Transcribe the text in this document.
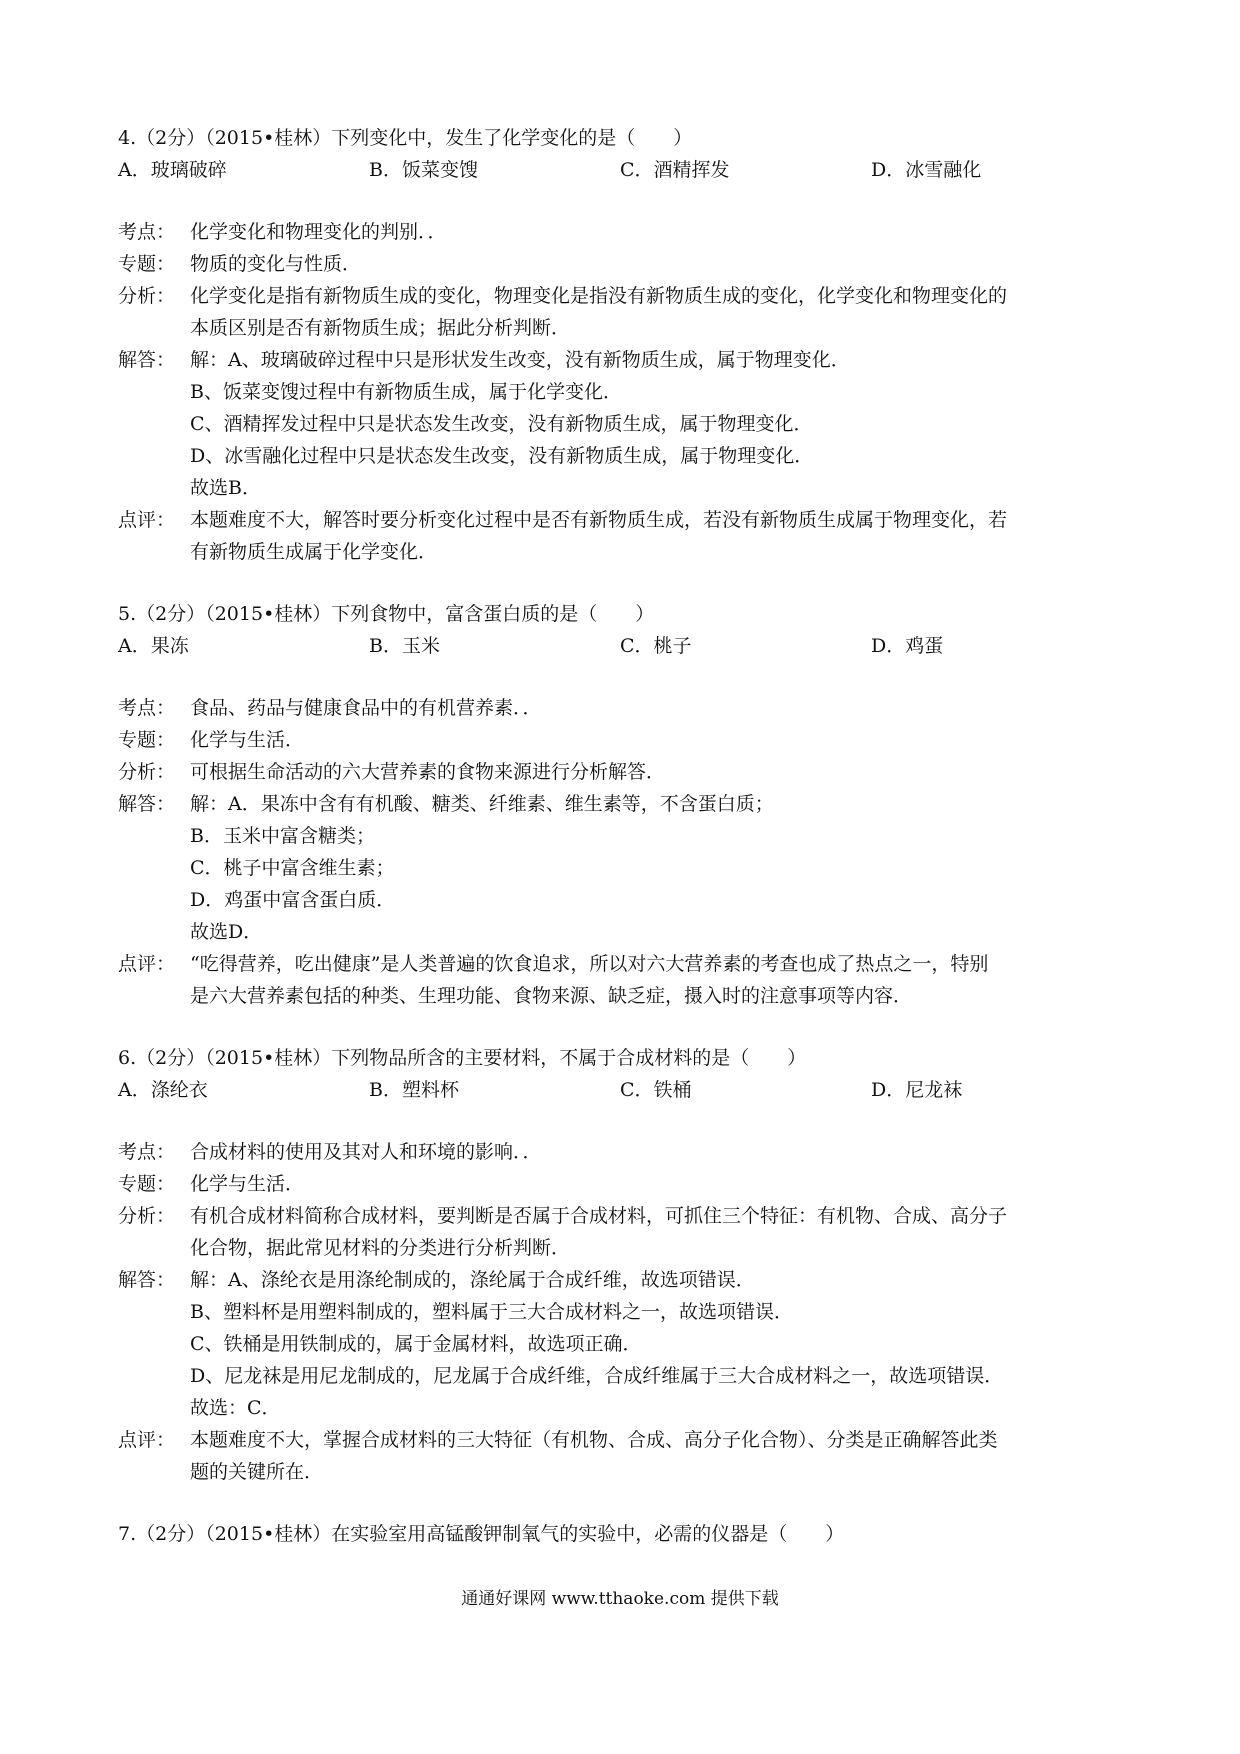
4.（2分）（2015•桂林）下列变化中，发生了化学变化的是（　　）
A．玻璃破碎	B．饭菜变馊	C．酒精挥发	D．冰雪融化
考点： 化学变化和物理变化的判别．．
专题： 物质的变化与性质．
分析： 化学变化是指有新物质生成的变化，物理变化是指没有新物质生成的变化，化学变化和物理变化的
本质区别是否有新物质生成；据此分析判断．
解答： 解：A、玻璃破碎过程中只是形状发生改变，没有新物质生成，属于物理变化．
B、饭菜变馊过程中有新物质生成，属于化学变化．
C、酒精挥发过程中只是状态发生改变，没有新物质生成，属于物理变化．
D、冰雪融化过程中只是状态发生改变，没有新物质生成，属于物理变化．
故选B．
点评： 本题难度不大，解答时要分析变化过程中是否有新物质生成，若没有新物质生成属于物理变化，若
有新物质生成属于化学变化．
5.（2分）（2015•桂林）下列食物中，富含蛋白质的是（　　）
A．果冻	B．玉米	C．桃子	D．鸡蛋
考点： 食品、药品与健康食品中的有机营养素．．
专题： 化学与生活．
分析： 可根据生命活动的六大营养素的食物来源进行分析解答．
解答： 解：A．果冻中含有有机酸、糖类、纤维素、维生素等，不含蛋白质；
B．玉米中富含糖类；
C．桃子中富含维生素；
D．鸡蛋中富含蛋白质．
故选D．
点评： “吃得营养，吃出健康”是人类普遍的饮食追求，所以对六大营养素的考查也成了热点之一，特别
是六大营养素包括的种类、生理功能、食物来源、缺乏症，摄入时的注意事项等内容．
6.（2分）（2015•桂林）下列物品所含的主要材料，不属于合成材料的是（　　）
A．涤纶衣	B．塑料杯	C．铁桶	D．尼龙袜
考点： 合成材料的使用及其对人和环境的影响．．
专题： 化学与生活．
分析： 有机合成材料简称合成材料，要判断是否属于合成材料，可抓住三个特征：有机物、合成、高分子
化合物，据此常见材料的分类进行分析判断．
解答： 解：A、涤纶衣是用涤纶制成的，涤纶属于合成纤维，故选项错误．
B、塑料杯是用塑料制成的，塑料属于三大合成材料之一，故选项错误．
C、铁桶是用铁制成的，属于金属材料，故选项正确．
D、尼龙袜是用尼龙制成的，尼龙属于合成纤维，合成纤维属于三大合成材料之一，故选项错误．
故选：C．
点评： 本题难度不大，掌握合成材料的三大特征（有机物、合成、高分子化合物）、分类是正确解答此类
题的关键所在．
7.（2分）（2015•桂林）在实验室用高锰酸钾制氧气的实验中，必需的仪器是（　　）
通通好课网 www.tthaoke.com 提供下载
